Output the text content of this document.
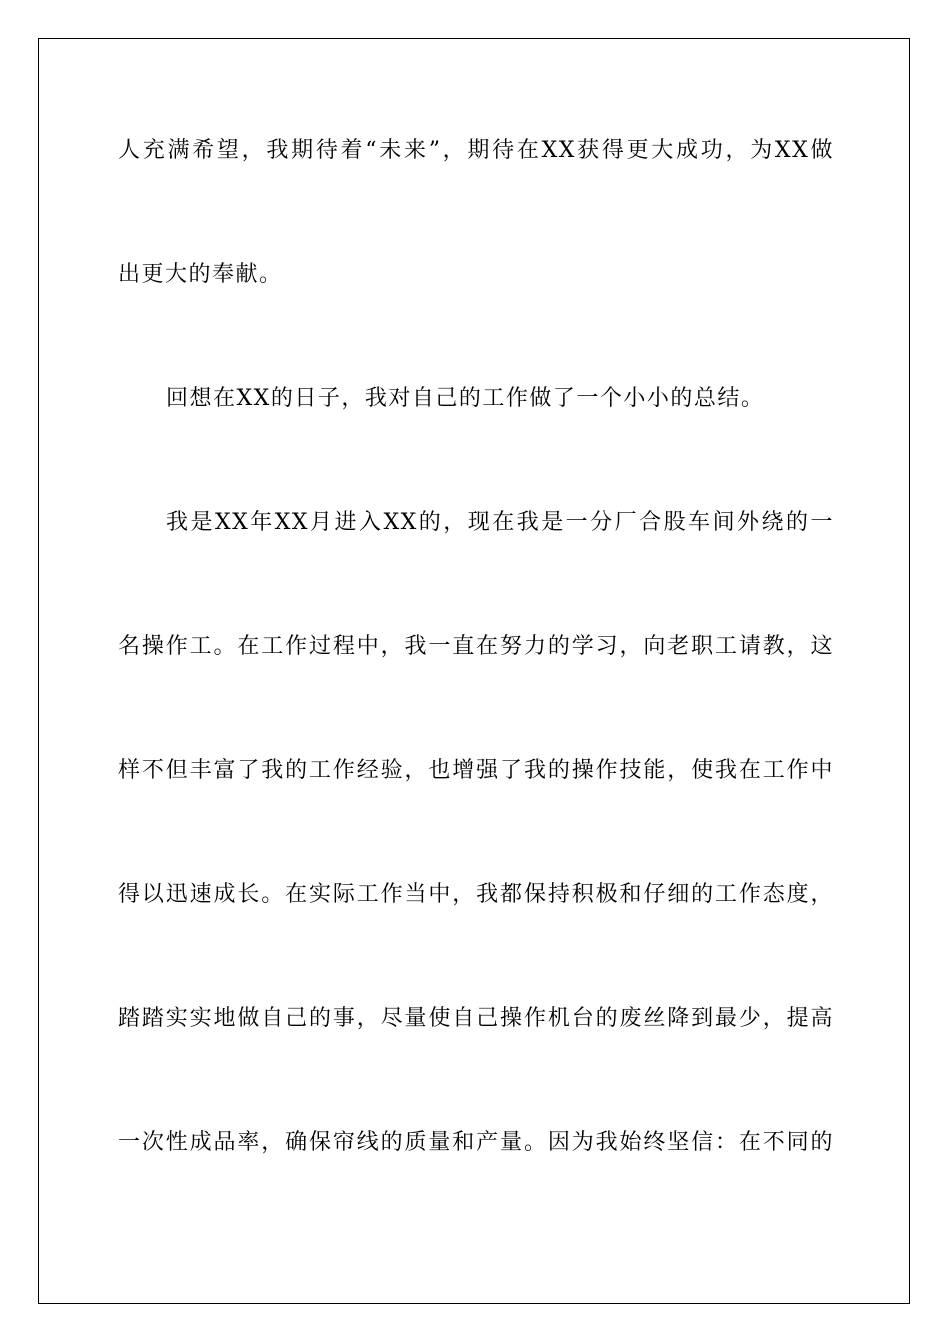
人充满希望，我期待着“未来”，期待在XX获得更大成功，为XX做
出更大的奉献。
回想在XX的日子，我对自己的工作做了一个小小的总结。
我是XX年XX月进入XX的，现在我是一分厂合股车间外绕的一
名操作工。在工作过程中，我一直在努力的学习，向老职工请教，这
样不但丰富了我的工作经验，也增强了我的操作技能，使我在工作中
得以迅速成长。在实际工作当中，我都保持积极和仔细的工作态度，
踏踏实实地做自己的事，尽量使自己操作机台的废丝降到最少，提高
一次性成品率，确保帘线的质量和产量。因为我始终坚信：在不同的
